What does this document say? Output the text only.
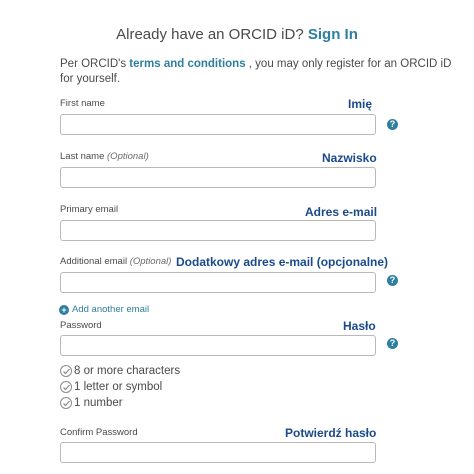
Already have an ORCID iD? Sign In
Per ORCID's terms and conditions , you may only register for an ORCID iD for yourself.
First name	Imię
?
Last name (Optional)	Nazwisko
Primary email	Adres e-mail
Additional email (Optional) Dodatkowy adres e-mail (opcjonalne)
?
+ Add another email
Password	Hasło
?
8 or more characters
1 letter or symbol
1 number
Confirm Password	Potwierdź hasło
